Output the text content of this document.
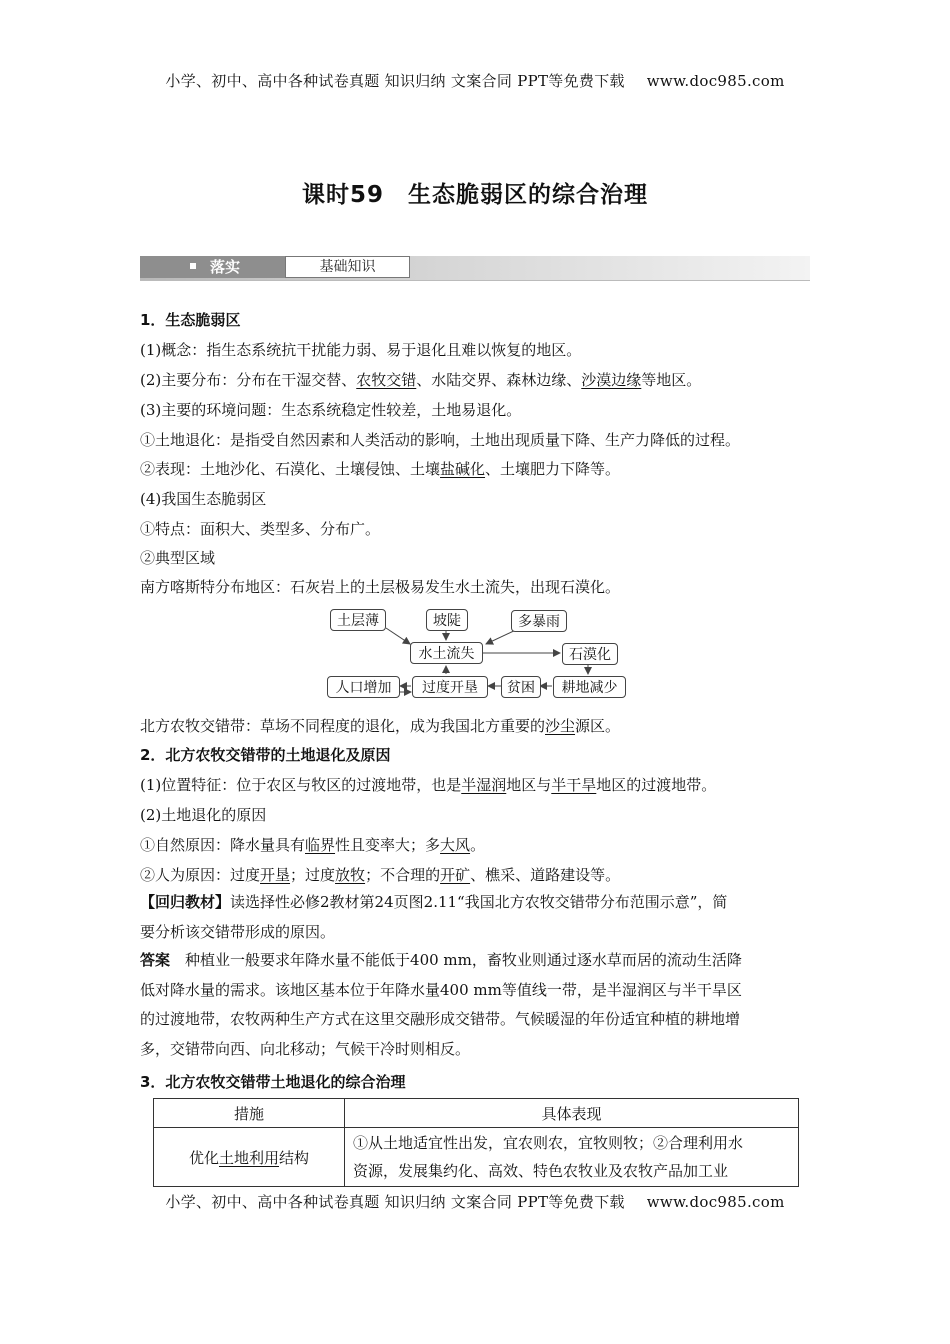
小学、初中、高中各种试卷真题 知识归纳 文案合同 PPT等免费下载 www.doc985.com
课时59　生态脆弱区的综合治理
落实	基础知识
1．生态脆弱区
(1)概念：指生态系统抗干扰能力弱、易于退化且难以恢复的地区。
(2)主要分布：分布在干湿交替、农牧交错、水陆交界、森林边缘、沙漠边缘等地区。
(3)主要的环境问题：生态系统稳定性较差，土地易退化。
①土地退化：是指受自然因素和人类活动的影响，土地出现质量下降、生产力降低的过程。
②表现：土地沙化、石漠化、土壤侵蚀、土壤盐碱化、土壤肥力下降等。
(4)我国生态脆弱区
①特点：面积大、类型多、分布广。
②典型区域
南方喀斯特分布地区：石灰岩上的土层极易发生水土流失，出现石漠化。
土层薄	坡陡	多暴雨
水土流失	石漠化
人口增加	过度开垦	贫困	耕地减少
北方农牧交错带：草场不同程度的退化，成为我国北方重要的沙尘源区。
2．北方农牧交错带的土地退化及原因
(1)位置特征：位于农区与牧区的过渡地带，也是半湿润地区与半干旱地区的过渡地带。
(2)土地退化的原因
①自然原因：降水量具有临界性且变率大；多大风。
②人为原因：过度开垦；过度放牧；不合理的开矿、樵采、道路建设等。
【回归教材】读选择性必修2教材第24页图2.11“我国北方农牧交错带分布范围示意”，简
要分析该交错带形成的原因。
答案　 种植业一般要求年降水量不能低于400 mm，畜牧业则通过逐水草而居的流动生活降
低对降水量的需求。该地区基本位于年降水量400 mm等值线一带，是半湿润区与半干旱区
的过渡地带，农牧两种生产方式在这里交融形成交错带。气候暖湿的年份适宜种植的耕地增
多，交错带向西、向北移动；气候干冷时则相反。
3．北方农牧交错带土地退化的综合治理
措施	具体表现
优化土地利用结构	①从土地适宜性出发，宜农则农，宜牧则牧；②合理利用水
资源，发展集约化、高效、特色农牧业及农牧产品加工业
小学、初中、高中各种试卷真题 知识归纳 文案合同 PPT等免费下载 www.doc985.com
